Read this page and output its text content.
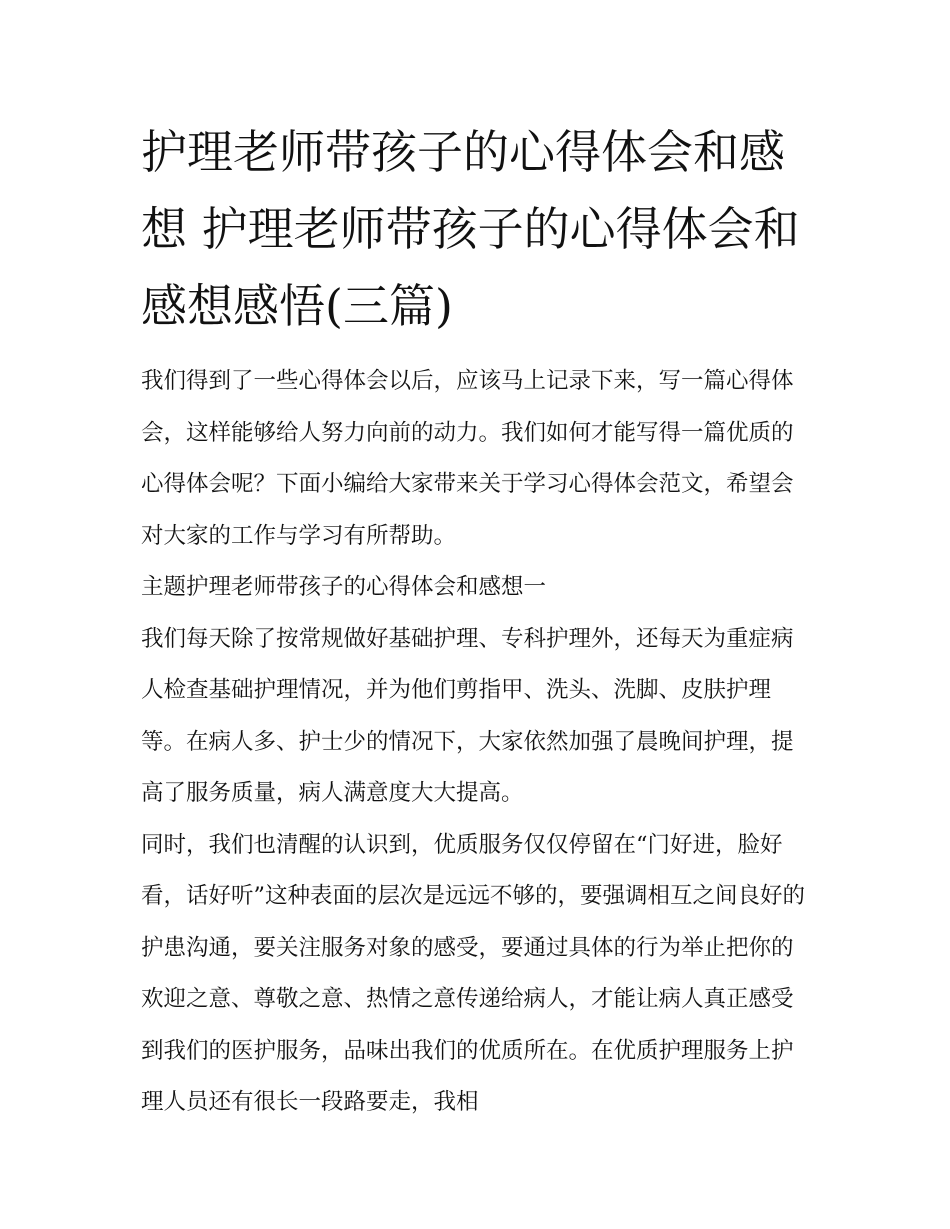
护理老师带孩子的心得体会和感想 护理老师带孩子的心得体会和感想感悟(三篇)

我们得到了一些心得体会以后，应该马上记录下来，写一篇心得体会，这样能够给人努力向前的动力。我们如何才能写得一篇优质的心得体会呢？下面小编给大家带来关于学习心得体会范文，希望会对大家的工作与学习有所帮助。

主题护理老师带孩子的心得体会和感想一

我们每天除了按常规做好基础护理、专科护理外，还每天为重症病人检查基础护理情况，并为他们剪指甲、洗头、洗脚、皮肤护理等。在病人多、护士少的情况下，大家依然加强了晨晚间护理，提高了服务质量，病人满意度大大提高。

同时，我们也清醒的认识到，优质服务仅仅停留在“门好进，脸好看，话好听”这种表面的层次是远远不够的，要强调相互之间良好的护患沟通，要关注服务对象的感受，要通过具体的行为举止把你的欢迎之意、尊敬之意、热情之意传递给病人，才能让病人真正感受到我们的医护服务，品味出我们的优质所在。在优质护理服务上护理人员还有很长一段路要走，我相
